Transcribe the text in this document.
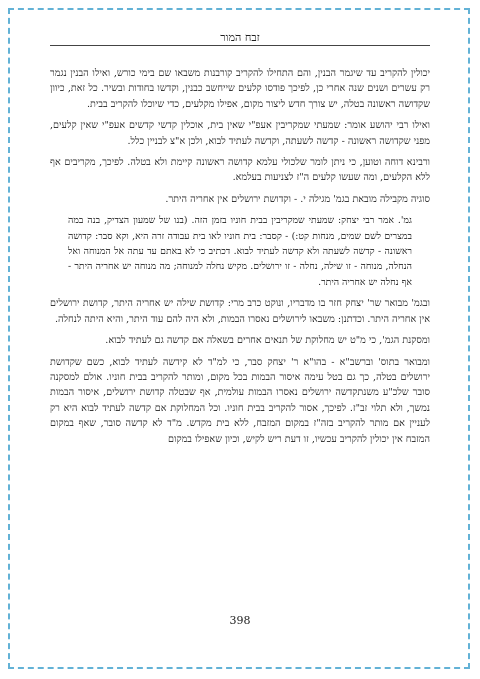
זבח המור

יכולין להקריב עד שיגמר הבנין, והם התחילו להקריב קורבנות משבאו שם בימי כורש, ואילו הבנין נגמר רק עשרים ושנים שנה אחרי כן, לפיכך פודסו קלעים שייחשב כבנין, וקדשו בחודות ובשיר. כל זאת, כיוון שקדושה ראשונה בטלה, יש צורך חדש ליצור מקום, אפילו מקלעים, כדי שיוכלו להקריב בבית.

ואילו רבי יהושע אומר: שמעתי שמקריבין אעפ"י שאין בית, אוכלין קדשי קדשים אעפ"י שאין קלעים, מפני שקדושה ראשונה - קדשה לשעתה, וקדשה לעתיד לבוא, ולכן א"צ לבניין כלל.

ורבינא דוחה וטוען, כי ניתן לומר שלכולי עלמא קדושה ראשונה קיימת ולא בטלה. לפיכך, מקריבים אף ללא הקלעים, ומה שעשו קלעים ה"ז לצניעות בעלמא.

סוגיה מקבילה מובאת בגמ' מגילה י. - וקדושת ירושלים אין אחריה היתר.

גמ'. אמר רבי יצחק: שמעתי שמקריבין בבית חוניו בזמן הזה. (בנו של שמעון הצדיק, בנה במה במצרים לשם שמים, מנחות קט:) - קסבר: בית חוניו לאו בית עבודה זרה היא, וקא סבר: קדושה ראשונה - קדשה לשעתה ולא קדשה לעתיד לבוא. דכתיב כי לא באתם עד עתה אל המנוחה ואל הנחלה, מנוחה - זו שילה, נחלה - זו ירושלים. מקיש נחלה למנוחה; מה מנוחה יש אחריה היתר - אף נחלה יש אחריה היתר.

ובגמ' מבואר שר' יצחק חזר בו מדבריו, ונוקט כרב מרי: קדושת שילה יש אחריה היתר, קדושת ירושלים אין אחריה היתר. וכדתנן: משבאו לירושלים נאסרו הבמות, ולא היה להם עוד היתר, והיא היתה לנחלה.

ומסקנת הגמ', כי מ"ט יש מחלוקת של תנאים אחרים בשאלה אם קדשה גם לעתיד לבוא.

ומבואר בתוס' וברשב"א - בהו"א ר' יצחק סבר, כי למ"ד לא קידשה לעתיד לבוא, כשם שקדושת ירושלים בטלה, כך גם בטל עימה איסור הבמות בכל מקום, ומותר להקריב בבית חוניו. אולם למסקנה סובר שלכ"ע משנתקדשה ירושלים נאסרו הבמות עולמית, אף שבטלה קדושת ירושלים, איסור הבמות נמשך, ולא תלוי זב"ז. לפיכך, אסור להקריב בבית חוניו. וכל המחלוקת אם קדשה לעתיד לבוא היא רק לעניין אם מותר להקריב בזה"ז במקום המזבח, ללא בית מקדש. מ"ד לא קדשה סובר, שאף במקום המזבח אין יכולין להקריב עכשיו, זו דעת ריש לקיש, וכיון שאפילו במקום

398
